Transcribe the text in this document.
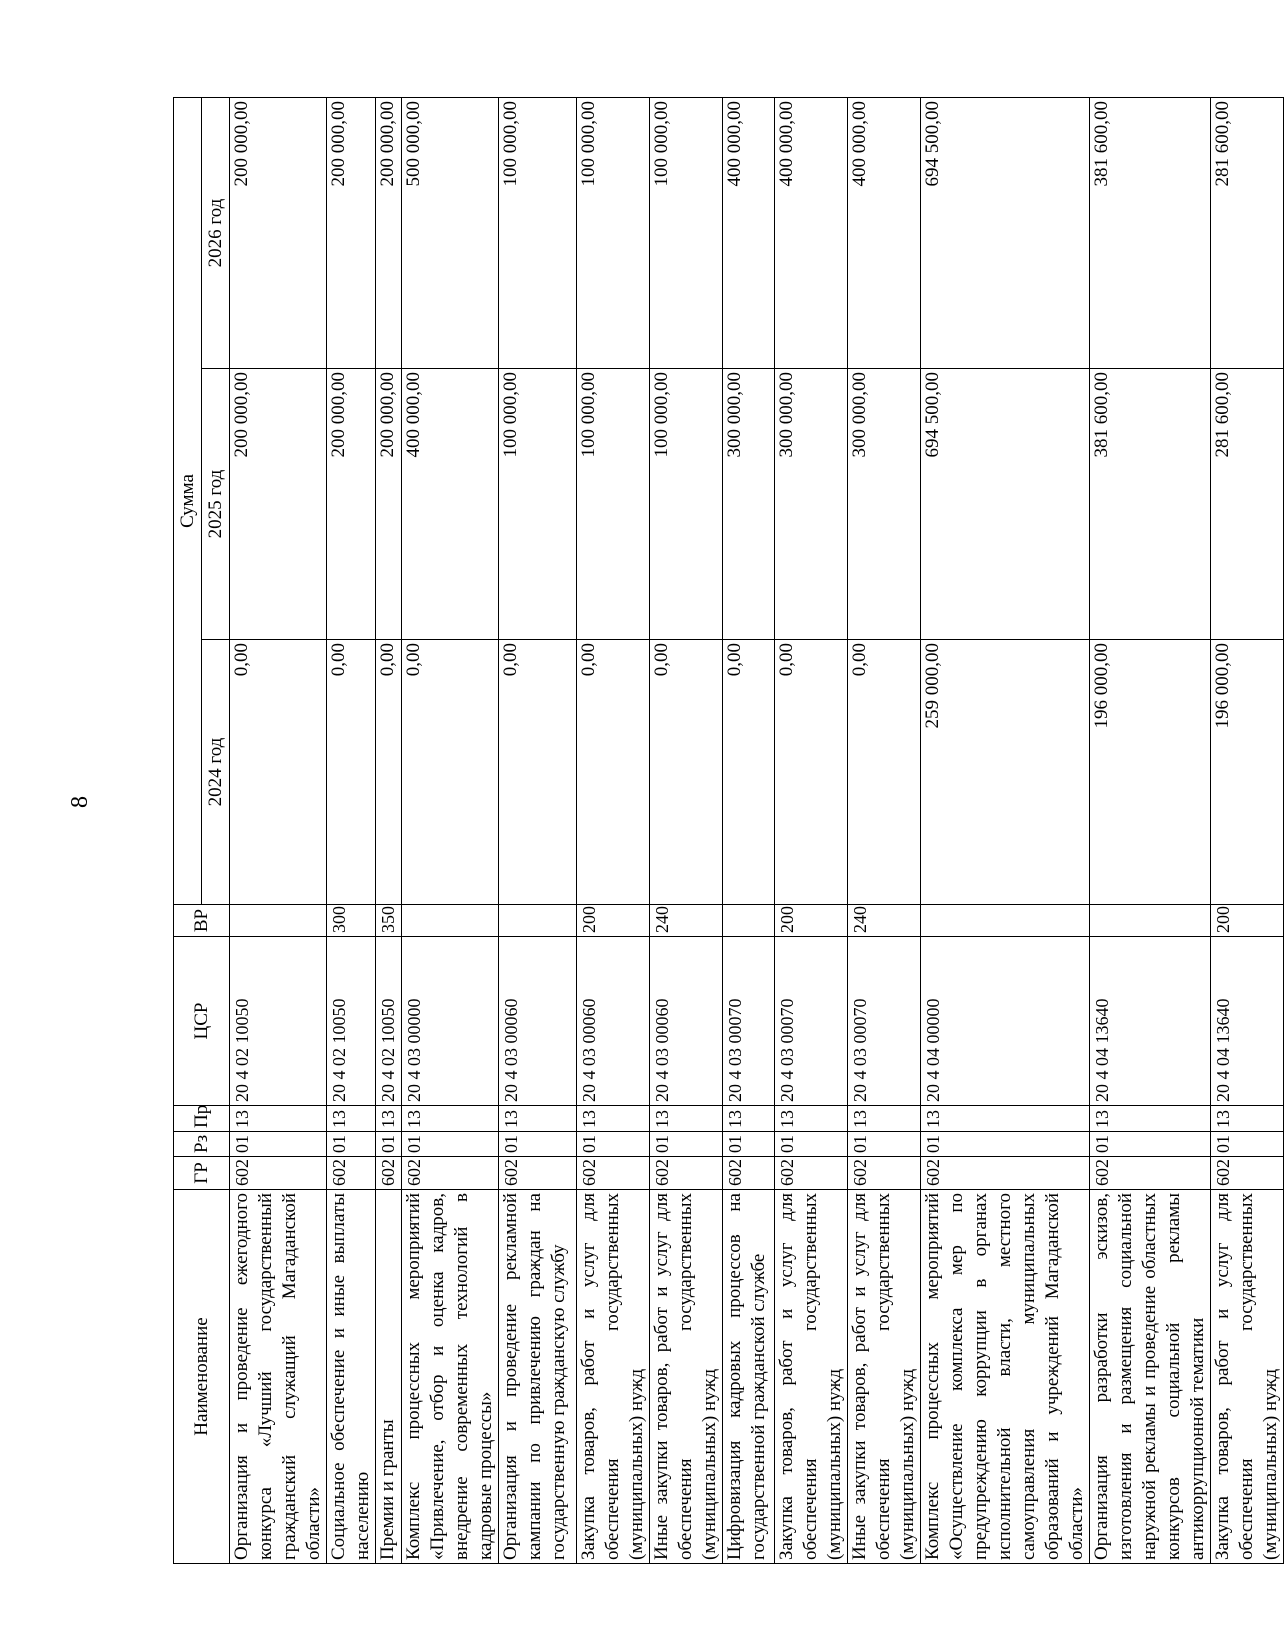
8
Наименование	ГР	Рз	Пр	ЦСР	ВР	Сумма		
						2024 год	2025 год	2026 год
Организация и проведение ежегодного конкурса «Лучший государственный гражданский служащий Магаданской области»	602	01	13	20 4 02 10050		0,00	200 000,00	200 000,00
Социальное обеспечение и иные выплаты населению	602	01	13	20 4 02 10050	300	0,00	200 000,00	200 000,00
Премии и гранты	602	01	13	20 4 02 10050	350	0,00	200 000,00	200 000,00
Комплекс процессных мероприятий «Привлечение, отбор и оценка кадров, внедрение современных технологий в кадровые процессы»	602	01	13	20 4 03 00000		0,00	400 000,00	500 000,00
Организация и проведение рекламной кампании по привлечению граждан на государственную гражданскую службу	602	01	13	20 4 03 00060		0,00	100 000,00	100 000,00
Закупка товаров, работ и услуг для обеспечения государственных (муниципальных) нужд	602	01	13	20 4 03 00060	200	0,00	100 000,00	100 000,00
Иные закупки товаров, работ и услуг для обеспечения государственных (муниципальных) нужд	602	01	13	20 4 03 00060	240	0,00	100 000,00	100 000,00
Цифровизация кадровых процессов на государственной гражданской службе	602	01	13	20 4 03 00070		0,00	300 000,00	400 000,00
Закупка товаров, работ и услуг для обеспечения государственных (муниципальных) нужд	602	01	13	20 4 03 00070	200	0,00	300 000,00	400 000,00
Иные закупки товаров, работ и услуг для обеспечения государственных (муниципальных) нужд	602	01	13	20 4 03 00070	240	0,00	300 000,00	400 000,00
Комплекс процессных мероприятий «Осуществление комплекса мер по предупреждению коррупции в органах исполнительной власти, местного самоуправления муниципальных образований и учреждений Магаданской области»	602	01	13	20 4 04 00000		259 000,00	694 500,00	694 500,00
Организация разработки эскизов, изготовления и размещения социальной наружной рекламы и проведение областных конкурсов социальной рекламы антикоррупционной тематики	602	01	13	20 4 04 13640		196 000,00	381 600,00	381 600,00
Закупка товаров, работ и услуг для обеспечения государственных (муниципальных) нужд	602	01	13	20 4 04 13640	200	196 000,00	281 600,00	281 600,00
